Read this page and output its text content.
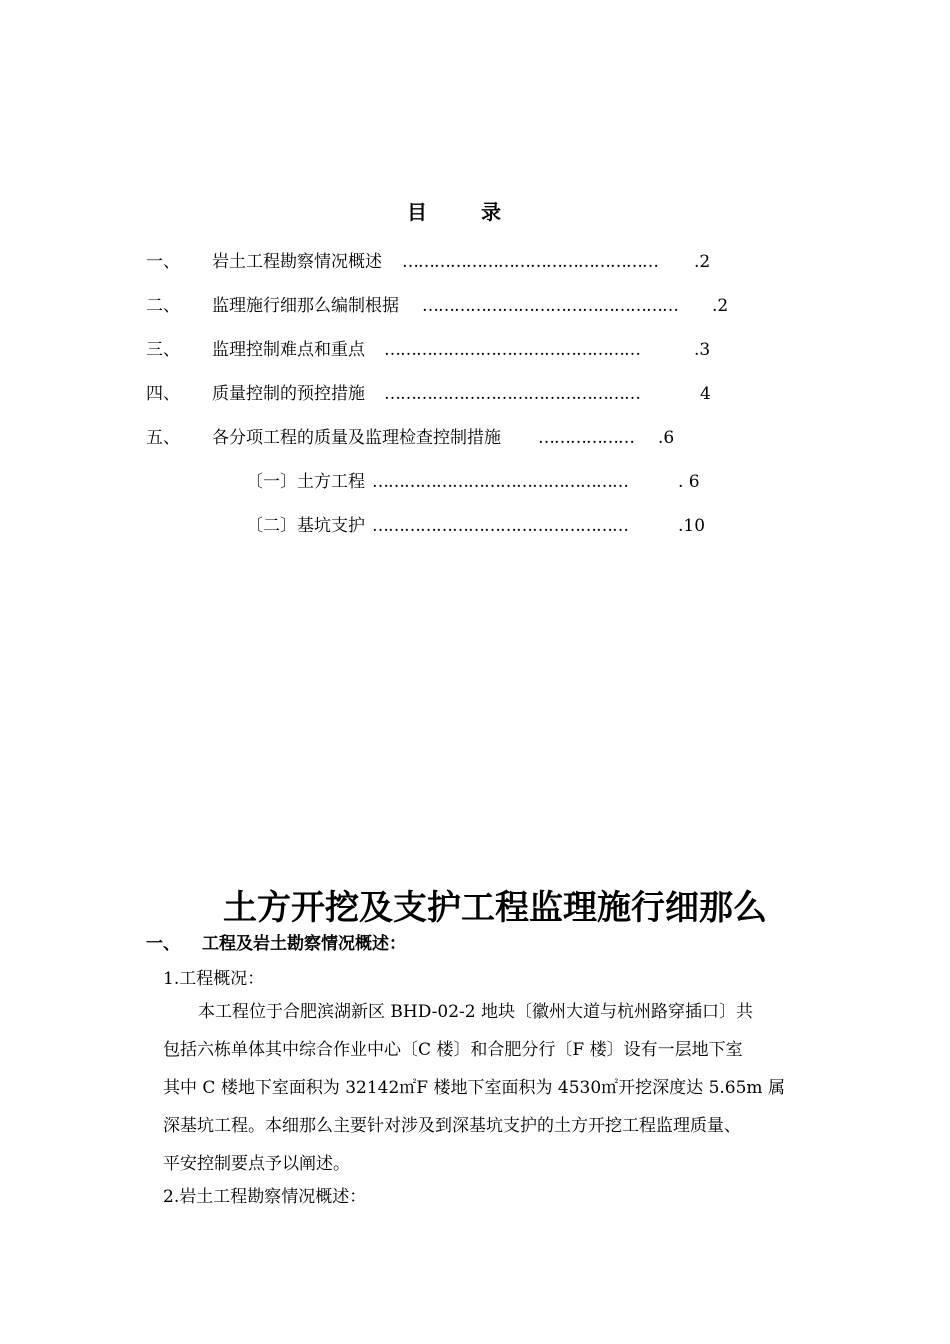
目	录
一、 岩土工程勘察情况概述 …………………………………………	.2
二、 监理施行细那么编制根据 …………………………………………	.2
三、 监理控制难点和重点 …………………………………………	.3
四、 质量控制的预控措施 …………………………………………	4
五、 各分项工程的质量及监理检查控制措施 ………………	.6
〔一〕土方工程 …………………………………………	. 6
〔二〕基坑支护 …………………………………………	.10
土方开挖及支护工程监理施行细那么
一、 工程及岩土勘察情况概述：
1.工程概况：
本工程位于合肥滨湖新区 BHD-02-2 地块〔徽州大道与杭州路穿插口〕共
包括六栋单体其中综合作业中心〔C 楼〕和合肥分行〔F 楼〕设有一层地下室
其中 C 楼地下室面积为 32142㎡F 楼地下室面积为 4530㎡开挖深度达 5.65m 属
深基坑工程。本细那么主要针对涉及到深基坑支护的土方开挖工程监理质量、
平安控制要点予以阐述。
2.岩土工程勘察情况概述：
